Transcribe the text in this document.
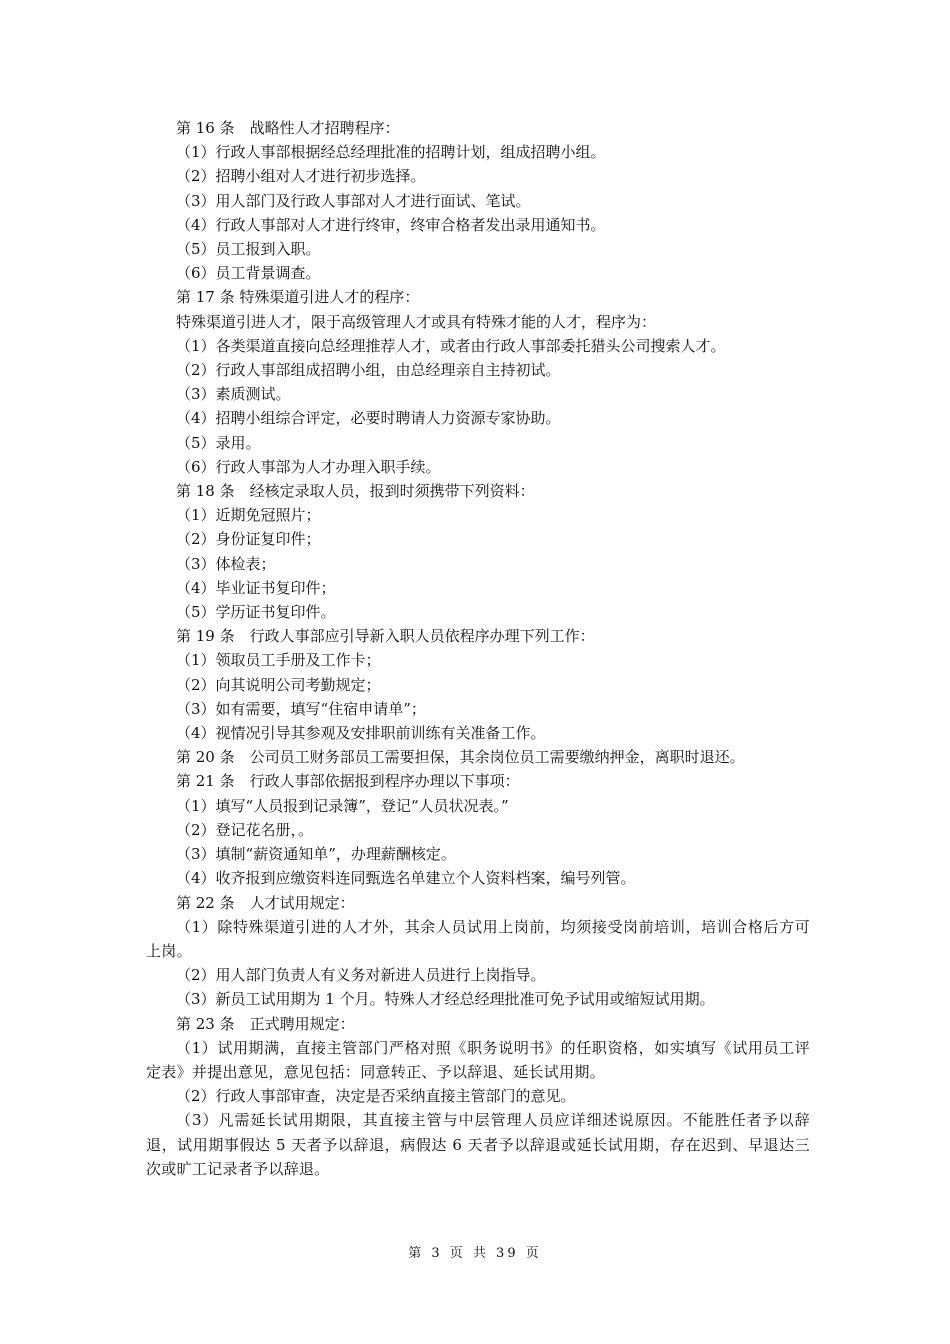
第 16 条　战略性人才招聘程序：
（1）行政人事部根据经总经理批准的招聘计划，组成招聘小组。
（2）招聘小组对人才进行初步选择。
（3）用人部门及行政人事部对人才进行面试、笔试。
（4）行政人事部对人才进行终审，终审合格者发出录用通知书。
（5）员工报到入职。
（6）员工背景调查。
第 17 条 特殊渠道引进人才的程序：
特殊渠道引进人才，限于高级管理人才或具有特殊才能的人才，程序为：
（1）各类渠道直接向总经理推荐人才，或者由行政人事部委托猎头公司搜索人才。
（2）行政人事部组成招聘小组，由总经理亲自主持初试。
（3）素质测试。
（4）招聘小组综合评定，必要时聘请人力资源专家协助。
（5）录用。
（6）行政人事部为人才办理入职手续。
第 18 条　经核定录取人员，报到时须携带下列资料：
（1）近期免冠照片；
（2）身份证复印件；
（3）体检表；
（4）毕业证书复印件；
（5）学历证书复印件。
第 19 条　行政人事部应引导新入职人员依程序办理下列工作：
（1）领取员工手册及工作卡；
（2）向其说明公司考勤规定；
（3）如有需要，填写“住宿申请单”；
（4）视情况引导其参观及安排职前训练有关准备工作。
第 20 条　公司员工财务部员工需要担保，其余岗位员工需要缴纳押金，离职时退还。
第 21 条　行政人事部依据报到程序办理以下事项：
（1）填写“人员报到记录簿”，登记“人员状况表。”
（2）登记花名册，。
（3）填制“薪资通知单”，办理薪酬核定。
（4）收齐报到应缴资料连同甄选名单建立个人资料档案，编号列管。
第 22 条　人才试用规定：
（1）除特殊渠道引进的人才外，其余人员试用上岗前，均须接受岗前培训，培训合格后方可上岗。
（2）用人部门负责人有义务对新进人员进行上岗指导。
（3）新员工试用期为 1 个月。特殊人才经总经理批准可免予试用或缩短试用期。
第 23 条　正式聘用规定：
（1）试用期满，直接主管部门严格对照《职务说明书》的任职资格，如实填写《试用员工评定表》并提出意见，意见包括：同意转正、予以辞退、延长试用期。
（2）行政人事部审查，决定是否采纳直接主管部门的意见。
（3）凡需延长试用期限，其直接主管与中层管理人员应详细述说原因。不能胜任者予以辞退，试用期事假达 5 天者予以辞退，病假达 6 天者予以辞退或延长试用期，存在迟到、早退达三次或旷工记录者予以辞退。
第 3 页 共 39 页
